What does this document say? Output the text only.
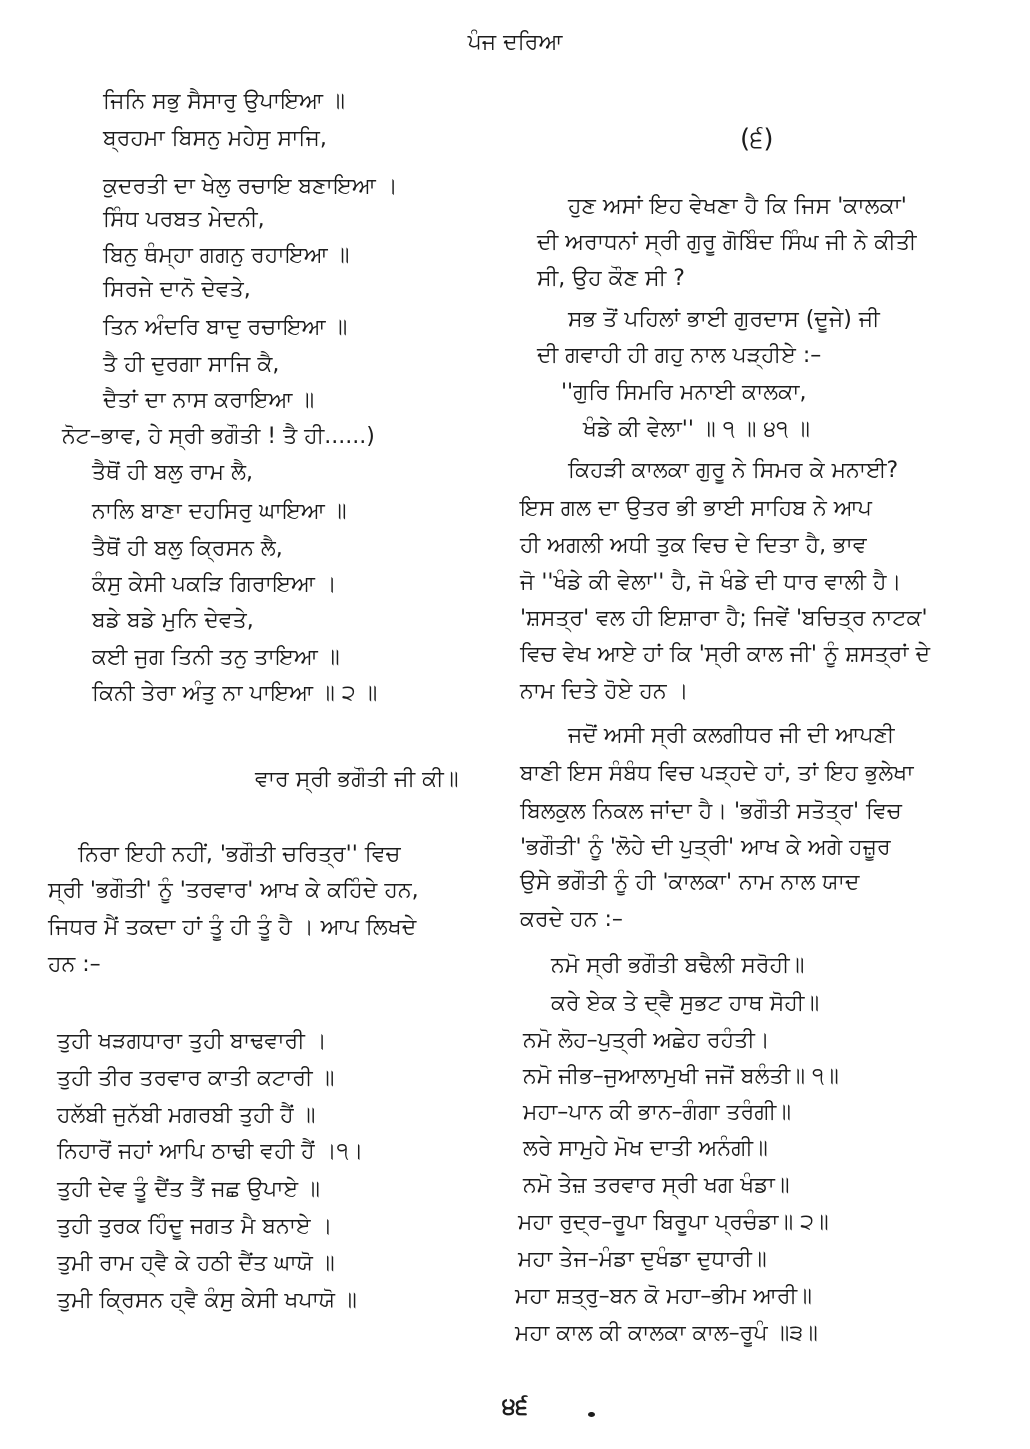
ਪੰਜ ਦਰਿਆ
(੬)
ਜਿਨਿ ਸਭੁ ਸੈਸਾਰੁ ਉਪਾਇਆ ॥
ਬ੍ਰਹਮਾ ਬਿਸਨੁ ਮਹੇਸੁ ਸਾਜਿ,
ਕੁਦਰਤੀ ਦਾ ਖੇਲੁ ਰਚਾਇ ਬਣਾਇਆ ।
ਸਿੰਧ ਪਰਬਤ ਮੇਦਨੀ,
ਬਿਨੁ ਥੰਮ੍ਹਾ ਗਗਨੁ ਰਹਾਇਆ ॥
ਸਿਰਜੇ ਦਾਨੋ ਦੇਵਤੇ,
ਤਿਨ ਅੰਦਰਿ ਬਾਦੁ ਰਚਾਇਆ ॥
ਤੈ ਹੀ ਦੁਰਗਾ ਸਾਜਿ ਕੈ,
ਦੈਤਾਂ ਦਾ ਨਾਸ ਕਰਾਇਆ ॥
ਨੋਟ–ਭਾਵ, ਹੇ ਸ੍ਰੀ ਭਗੌਤੀ ! ਤੈ ਹੀ......)
ਤੈਥੋਂ ਹੀ ਬਲੁ ਰਾਮ ਲੈ,
ਨਾਲਿ ਬਾਣਾ ਦਹਸਿਰੁ ਘਾਇਆ ॥
ਤੈਥੋਂ ਹੀ ਬਲੁ ਕ੍ਰਿਸਨ ਲੈ,
ਕੰਸੁ ਕੇਸੀ ਪਕੜਿ ਗਿਰਾਇਆ ।
ਬਡੇ ਬਡੇ ਮੁਨਿ ਦੇਵਤੇ,
ਕਈ ਜੁਗ ਤਿਨੀ ਤਨੁ ਤਾਇਆ ॥
ਕਿਨੀ ਤੇਰਾ ਅੰਤੁ ਨਾ ਪਾਇਆ ॥ ੨ ॥
ਵਾਰ ਸ੍ਰੀ ਭਗੌਤੀ ਜੀ ਕੀ॥
ਨਿਰਾ ਇਹੀ ਨਹੀਂ, 'ਭਗੌਤੀ ਚਰਿਤ੍ਰ'' ਵਿਚ
ਸ੍ਰੀ 'ਭਗੌਤੀ' ਨੂੰ 'ਤਰਵਾਰ' ਆਖ ਕੇ ਕਹਿੰਦੇ ਹਨ,
ਜਿਧਰ ਮੈਂ ਤਕਦਾ ਹਾਂ ਤੂੰ ਹੀ ਤੂੰ ਹੈ । ਆਪ ਲਿਖਦੇ
ਹਨ :–
ਤੁਹੀ ਖੜਗਧਾਰਾ ਤੁਹੀ ਬਾਢਵਾਰੀ ।
ਤੁਹੀ ਤੀਰ ਤਰਵਾਰ ਕਾਤੀ ਕਟਾਰੀ ॥
ਹਲੱਬੀ ਜੁਨੱਬੀ ਮਗਰਬੀ ਤੁਹੀ ਹੈਂ ॥
ਨਿਹਾਰੋਂ ਜਹਾਂ ਆਪਿ ਠਾਢੀ ਵਹੀ ਹੈਂ ।੧।
ਤੁਹੀ ਦੇਵ ਤੂੰ ਦੈਂਤ ਤੈਂ ਜਛ ਉਪਾਏ ॥
ਤੁਹੀ ਤੁਰਕ ਹਿੰਦੂ ਜਗਤ ਮੈ ਬਨਾਏ ।
ਤੁਮੀ ਰਾਮ ਹ੍ਵੈ ਕੇ ਹਠੀ ਦੈਂਤ ਘਾਯੋ ॥
ਤੁਮੀ ਕ੍ਰਿਸਨ ਹ੍ਵੈ ਕੰਸੁ ਕੇਸੀ ਖਪਾਯੋ ॥
ਹੁਣ ਅਸਾਂ ਇਹ ਵੇਖਣਾ ਹੈ ਕਿ ਜਿਸ 'ਕਾਲਕਾ'
ਦੀ ਅਰਾਧਨਾਂ ਸ੍ਰੀ ਗੁਰੂ ਗੋਬਿੰਦ ਸਿੰਘ ਜੀ ਨੇ ਕੀਤੀ
ਸੀ, ਉਹ ਕੌਣ ਸੀ ?
ਸਭ ਤੋਂ ਪਹਿਲਾਂ ਭਾਈ ਗੁਰਦਾਸ (ਦੂਜੇ) ਜੀ
ਦੀ ਗਵਾਹੀ ਹੀ ਗਹੁ ਨਾਲ ਪੜ੍ਹੀਏ :–
''ਗੁਰਿ ਸਿਮਰਿ ਮਨਾਈ ਕਾਲਕਾ,
ਖੰਡੇ ਕੀ ਵੇਲਾ'' ॥ ੧ ॥ ੪੧ ॥
ਕਿਹੜੀ ਕਾਲਕਾ ਗੁਰੂ ਨੇ ਸਿਮਰ ਕੇ ਮਨਾਈ?
ਇਸ ਗਲ ਦਾ ਉਤਰ ਭੀ ਭਾਈ ਸਾਹਿਬ ਨੇ ਆਪ
ਹੀ ਅਗਲੀ ਅਧੀ ਤੁਕ ਵਿਚ ਦੇ ਦਿਤਾ ਹੈ, ਭਾਵ
ਜੋ ''ਖੰਡੇ ਕੀ ਵੇਲਾ'' ਹੈ, ਜੋ ਖੰਡੇ ਦੀ ਧਾਰ ਵਾਲੀ ਹੈ।
'ਸ਼ਸਤ੍ਰ' ਵਲ ਹੀ ਇਸ਼ਾਰਾ ਹੈ; ਜਿਵੇਂ 'ਬਚਿਤ੍ਰ ਨਾਟਕ'
ਵਿਚ ਵੇਖ ਆਏ ਹਾਂ ਕਿ 'ਸ੍ਰੀ ਕਾਲ ਜੀ' ਨੂੰ ਸ਼ਸਤ੍ਰਾਂ ਦੇ
ਨਾਮ ਦਿਤੇ ਹੋਏ ਹਨ ।
ਜਦੋਂ ਅਸੀ ਸ੍ਰੀ ਕਲਗੀਧਰ ਜੀ ਦੀ ਆਪਣੀ
ਬਾਣੀ ਇਸ ਸੰਬੰਧ ਵਿਚ ਪੜ੍ਹਦੇ ਹਾਂ, ਤਾਂ ਇਹ ਭੁਲੇਖਾ
ਬਿਲਕੁਲ ਨਿਕਲ ਜਾਂਦਾ ਹੈ। 'ਭਗੌਤੀ ਸਤੋਤ੍ਰ' ਵਿਚ
'ਭਗੌਤੀ' ਨੂੰ 'ਲੋਹੇ ਦੀ ਪੁਤ੍ਰੀ' ਆਖ ਕੇ ਅਗੇ ਹਜ਼ੂਰ
ਉਸੇ ਭਗੌਤੀ ਨੂੰ ਹੀ 'ਕਾਲਕਾ' ਨਾਮ ਨਾਲ ਯਾਦ
ਕਰਦੇ ਹਨ :–
ਨਮੋ ਸ੍ਰੀ ਭਗੌਤੀ ਬਢੈਲੀ ਸਰੋਹੀ॥
ਕਰੇ ਏਕ ਤੇ ਦ੍ਵੈ ਸੁਭਟ ਹਾਥ ਸੋਹੀ॥
ਨਮੋ ਲੋਹ–ਪੁਤ੍ਰੀ ਅਛੇਹ ਰਹੰਤੀ।
ਨਮੋ ਜੀਭ–ਜੁਆਲਾਮੁਖੀ ਜਜੋਂ ਬਲੰਤੀ॥ ੧॥
ਮਹਾ–ਪਾਨ ਕੀ ਭਾਨ–ਗੰਗਾ ਤਰੰਗੀ॥
ਲਰੇ ਸਾਮੁਹੇ ਮੋਖ ਦਾਤੀ ਅਨੰਗੀ॥
ਨਮੋ ਤੇਜ਼ ਤਰਵਾਰ ਸ੍ਰੀ ਖਗ ਖੰਡਾ॥
ਮਹਾ ਰੁਦ੍ਰ–ਰੂਪਾ ਬਿਰੂਪਾ ਪ੍ਰਚੰਡਾ॥ ੨॥
ਮਹਾ ਤੇਜ–ਮੰਡਾ ਦੁਖੰਡਾ ਦੁਧਾਰੀ॥
ਮਹਾ ਸ਼ਤ੍ਰੁ–ਬਨ ਕੋ ਮਹਾ–ਭੀਮ ਆਰੀ॥
ਮਹਾ ਕਾਲ ਕੀ ਕਾਲਕਾ ਕਾਲ–ਰੂਪੰ ॥੩॥
੪੬
